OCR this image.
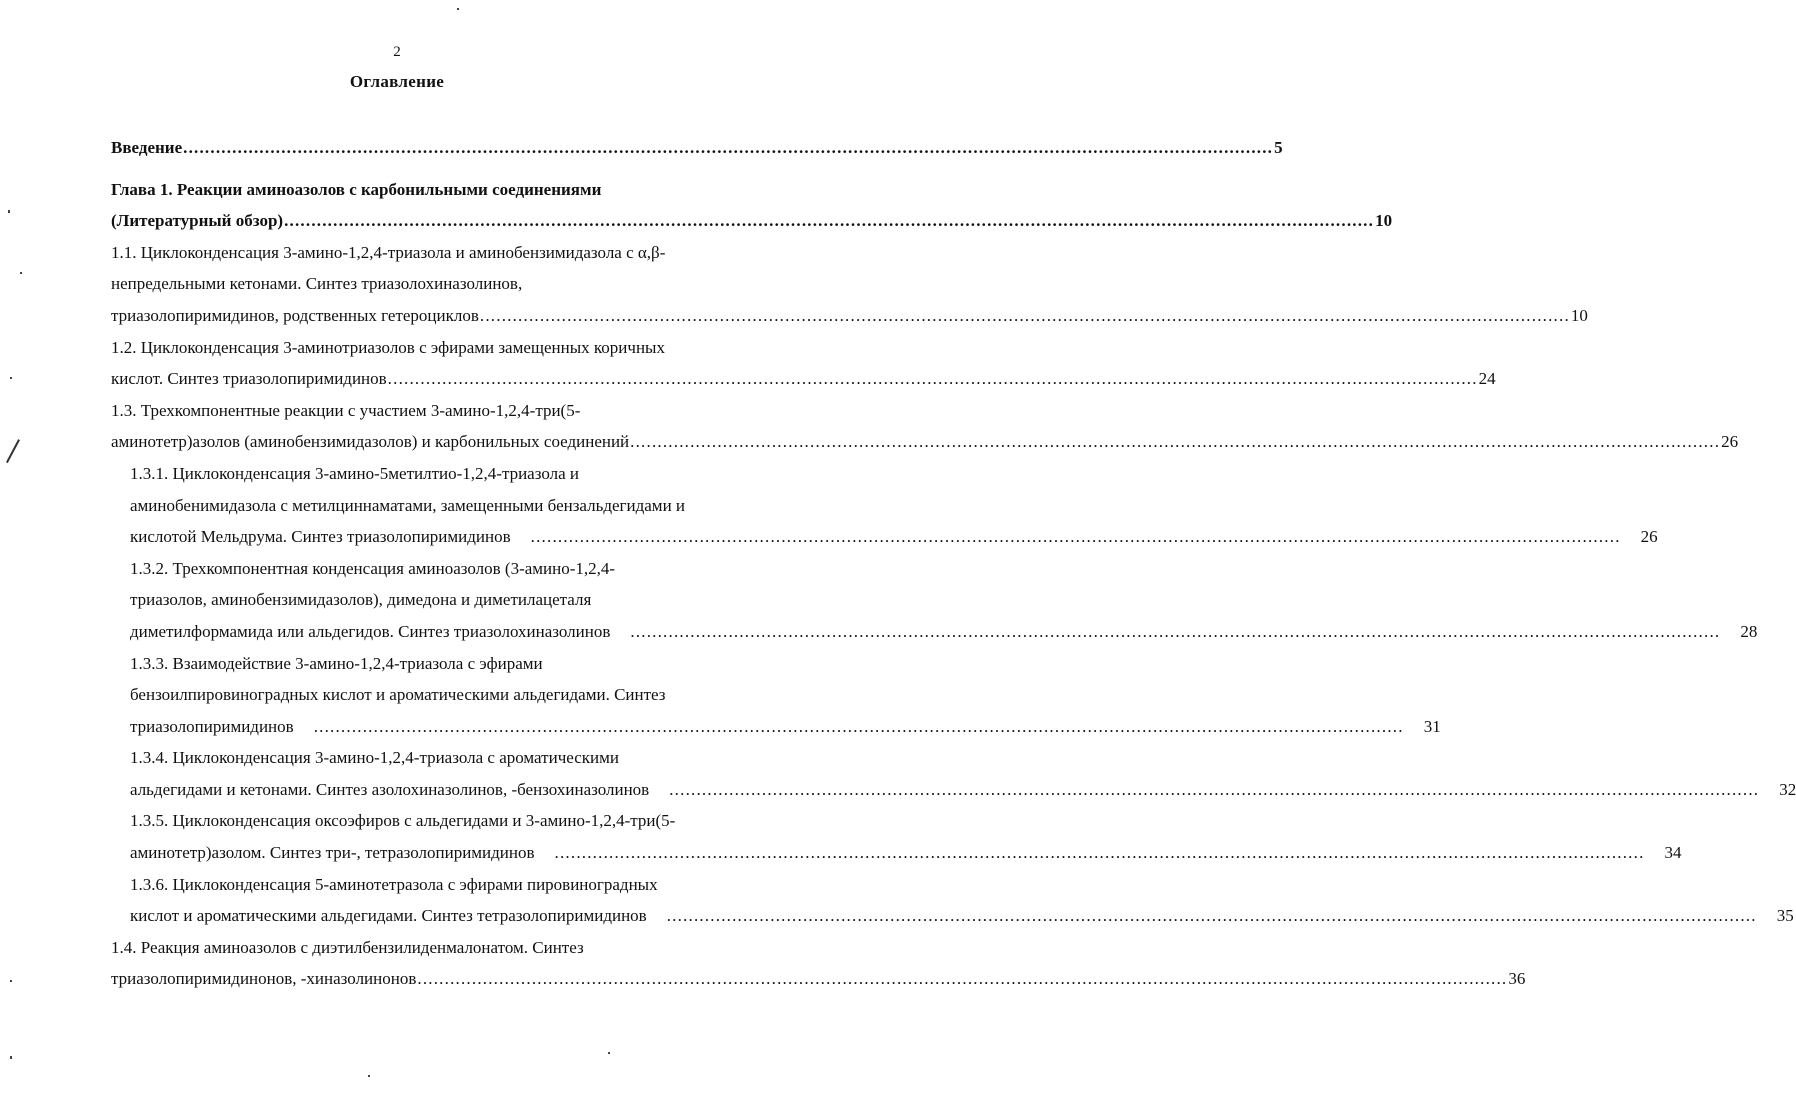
2
Оглавление
Введение ........................................................................................................................................................................................................ 5
Глава 1. Реакции аминоазолов с карбонильными соединениями
(Литературный обзор) ........................................................................................................................................................................................................ 10
1.1. Циклоконденсация 3-амино-1,2,4-триазола и аминобензимидазола с α,β-
непредельными кетонами. Синтез триазолохиназолинов,
триазолопиримидинов, родственных гетероциклов ........................................................................................................................................................................................................ 10
1.2. Циклоконденсация 3-аминотриазолов с эфирами замещенных коричных
кислот. Синтез триазолопиримидинов ........................................................................................................................................................................................................ 24
1.3. Трехкомпонентные реакции с участием 3-амино-1,2,4-три(5-
аминотетр)азолов (аминобензимидазолов) и карбонильных соединений ........................................................................................................................................................................................................ 26
1.3.1. Циклоконденсация 3-амино-5метилтио-1,2,4-триазола и
аминобенимидазола с метилциннаматами, замещенными бензальдегидами и
кислотой Мельдрума. Синтез триазолопиримидинов	........................................................................................................................................................................................................	26
1.3.2. Трехкомпонентная конденсация аминоазолов (3-амино-1,2,4-
триазолов, аминобензимидазолов), димедона и диметилацеталя
диметилформамида или альдегидов. Синтез триазолохиназолинов	........................................................................................................................................................................................................	28
1.3.3. Взаимодействие 3-амино-1,2,4-триазола с эфирами
бензоилпировиноградных кислот и ароматическими альдегидами. Синтез
триазолопиримидинов	........................................................................................................................................................................................................	31
1.3.4. Циклоконденсация 3-амино-1,2,4-триазола с ароматическими
альдегидами и кетонами. Синтез азолохиназолинов, -бензохиназолинов	........................................................................................................................................................................................................	32
1.3.5. Циклоконденсация оксоэфиров с альдегидами и 3-амино-1,2,4-три(5-
аминотетр)азолом. Синтез три-, тетразолопиримидинов	........................................................................................................................................................................................................	34
1.3.6. Циклоконденсация 5-аминотетразола с эфирами пировиноградных
кислот и ароматическими альдегидами. Синтез тетразолопиримидинов	........................................................................................................................................................................................................	35
1.4. Реакция аминоазолов с диэтилбензилиденмалонатом. Синтез
триазолопиримидинонов, -хиназолинонов ........................................................................................................................................................................................................ 36
